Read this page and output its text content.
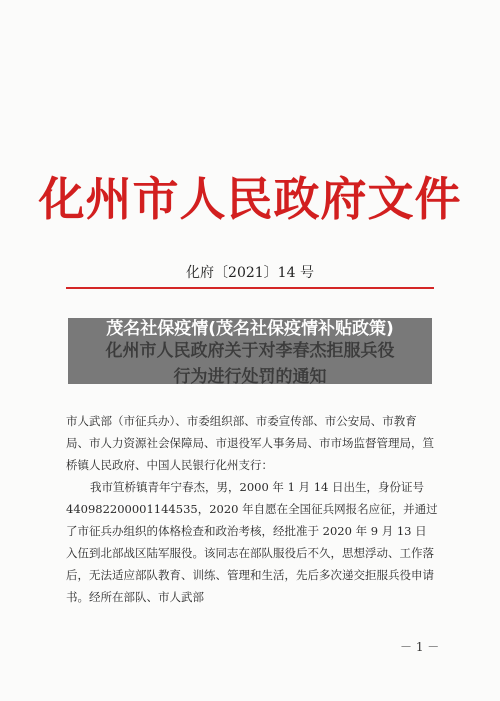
化州市人民政府文件
化府〔2021〕14 号
茂名社保疫情(茂名社保疫情补贴政策)

市人武部（市征兵办）、市委组织部、市委宣传部、市公安局、市教育局、市人力资源社会保障局、市退役军人事务局、市市场监督管理局，笪桥镇人民政府、中国人民银行化州支行：

我市笪桥镇青年宁春杰，男，2000 年 1 月 14 日出生，身份证号 440982200001144535，2020 年自愿在全国征兵网报名应征，并通过了市征兵办组织的体格检查和政治考核，经批准于 2020 年 9 月 13 日入伍到北部战区陆军服役。该同志在部队服役后不久，思想浮动、工作落后，无法适应部队教育、训练、管理和生活，先后多次递交拒服兵役申请书。经所在部队、市人武部

－ 1 －
